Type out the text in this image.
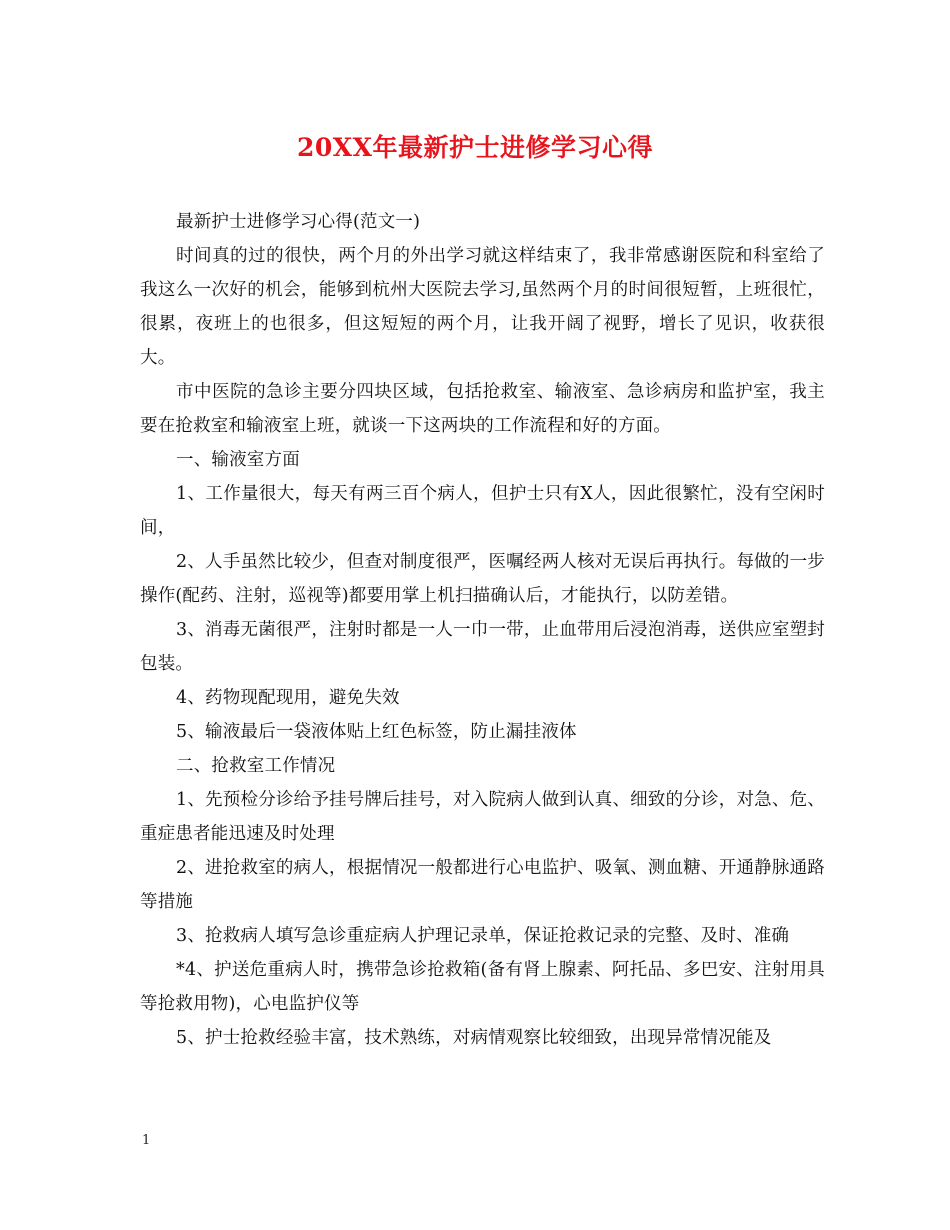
20XX年最新护士进修学习心得

最新护士进修学习心得(范文一)

时间真的过的很快，两个月的外出学习就这样结束了，我非常感谢医院和科室给了我这么一次好的机会，能够到杭州大医院去学习,虽然两个月的时间很短暂，上班很忙，很累，夜班上的也很多，但这短短的两个月，让我开阔了视野，增长了见识，收获很大。

市中医院的急诊主要分四块区域，包括抢救室、输液室、急诊病房和监护室，我主要在抢救室和输液室上班，就谈一下这两块的工作流程和好的方面。

一、输液室方面

1、工作量很大，每天有两三百个病人，但护士只有X人，因此很繁忙，没有空闲时间，

2、人手虽然比较少，但查对制度很严，医嘱经两人核对无误后再执行。每做的一步操作(配药、注射，巡视等)都要用掌上机扫描确认后，才能执行，以防差错。

3、消毒无菌很严，注射时都是一人一巾一带，止血带用后浸泡消毒，送供应室塑封包装。

4、药物现配现用，避免失效

5、输液最后一袋液体贴上红色标签，防止漏挂液体

二、抢救室工作情况

1、先预检分诊给予挂号牌后挂号，对入院病人做到认真、细致的分诊，对急、危、重症患者能迅速及时处理

2、进抢救室的病人，根据情况一般都进行心电监护、吸氧、测血糖、开通静脉通路等措施

3、抢救病人填写急诊重症病人护理记录单，保证抢救记录的完整、及时、准确

*4、护送危重病人时，携带急诊抢救箱(备有肾上腺素、阿托品、多巴安、注射用具等抢救用物)，心电监护仪等

5、护士抢救经验丰富，技术熟练，对病情观察比较细致，出现异常情况能及

1
